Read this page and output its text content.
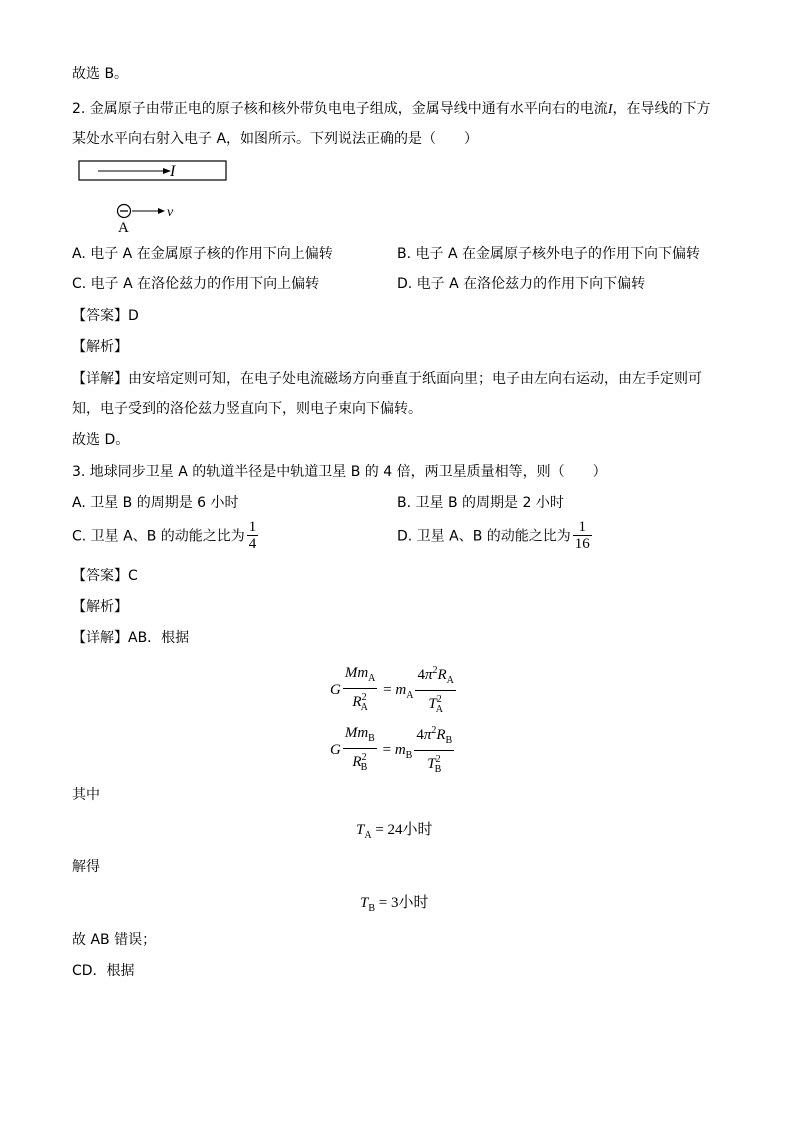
故选 B。
2. 金属原子由带正电的原子核和核外带负电电子组成，金属导线中通有水平向右的电流I，在导线的下方
某处水平向右射入电子 A，如图所示。下列说法正确的是（　　）
I
v
A
A. 电子 A 在金属原子核的作用下向上偏转	B. 电子 A 在金属原子核外电子的作用下向下偏转
C. 电子 A 在洛伦兹力的作用下向上偏转	D. 电子 A 在洛伦兹力的作用下向下偏转
【答案】D
【解析】
【详解】由安培定则可知，在电子处电流磁场方向垂直于纸面向里；电子由左向右运动，由左手定则可
知，电子受到的洛伦兹力竖直向下，则电子束向下偏转。
故选 D。
3. 地球同步卫星 A 的轨道半径是中轨道卫星 B 的 4 倍，两卫星质量相等，则（　　）
A. 卫星 B 的周期是 6 小时	B. 卫星 B 的周期是 2 小时
C. 卫星 A、B 的动能之比为 $\frac{1}{4}$	D. 卫星 A、B 的动能之比为 $\frac{1}{16}$
【答案】C
【解析】
【详解】AB．根据
G $\frac{Mm_A}{R^2_A} = m_A \frac{4\pi^2R_A}{T^2_A}$
G $\frac{Mm_B}{R^2_B} = m_B \frac{4\pi^2R_B}{T^2_B}$
其中
$T_A = 24$小时
解得
$T_B = 3$小时
故 AB 错误；
CD．根据
